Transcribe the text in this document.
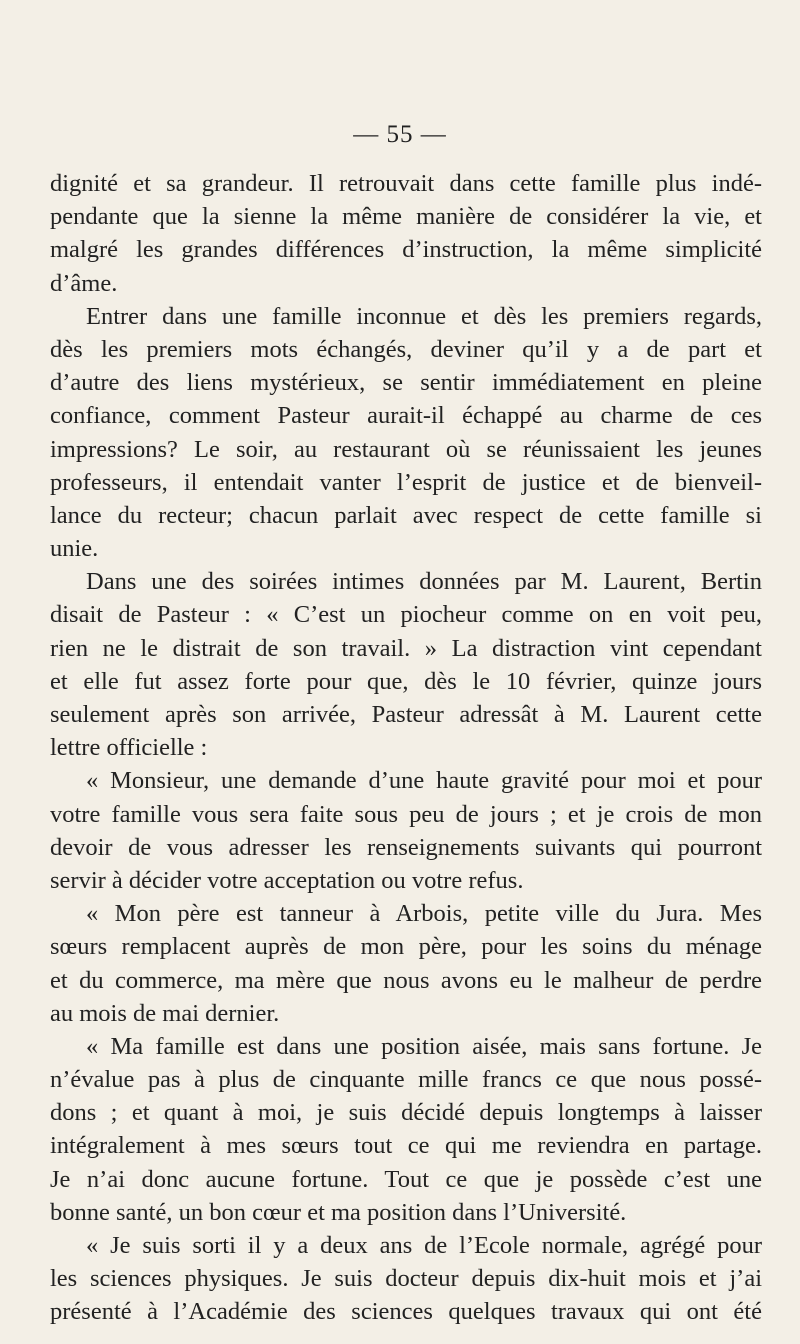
— 55 —
dignité et sa grandeur. Il retrouvait dans cette famille plus indé-
pendante que la sienne la même manière de considérer la vie, et
malgré les grandes différences d’instruction, la même simplicité
d’âme.
Entrer dans une famille inconnue et dès les premiers regards,
dès les premiers mots échangés, deviner qu’il y a de part et
d’autre des liens mystérieux, se sentir immédiatement en pleine
confiance, comment Pasteur aurait-il échappé au charme de ces
impressions? Le soir, au restaurant où se réunissaient les jeunes
professeurs, il entendait vanter l’esprit de justice et de bienveil-
lance du recteur; chacun parlait avec respect de cette famille si
unie.
Dans une des soirées intimes données par M. Laurent, Bertin
disait de Pasteur : « C’est un piocheur comme on en voit peu,
rien ne le distrait de son travail. » La distraction vint cependant
et elle fut assez forte pour que, dès le 10 février, quinze jours
seulement après son arrivée, Pasteur adressât à M. Laurent cette
lettre officielle :
« Monsieur, une demande d’une haute gravité pour moi et pour
votre famille vous sera faite sous peu de jours ; et je crois de mon
devoir de vous adresser les renseignements suivants qui pourront
servir à décider votre acceptation ou votre refus.
« Mon père est tanneur à Arbois, petite ville du Jura. Mes
sœurs remplacent auprès de mon père, pour les soins du ménage
et du commerce, ma mère que nous avons eu le malheur de perdre
au mois de mai dernier.
« Ma famille est dans une position aisée, mais sans fortune. Je
n’évalue pas à plus de cinquante mille francs ce que nous possé-
dons ; et quant à moi, je suis décidé depuis longtemps à laisser
intégralement à mes sœurs tout ce qui me reviendra en partage.
Je n’ai donc aucune fortune. Tout ce que je possède c’est une
bonne santé, un bon cœur et ma position dans l’Université.
« Je suis sorti il y a deux ans de l’Ecole normale, agrégé pour
les sciences physiques. Je suis docteur depuis dix-huit mois et j’ai
présenté à l’Académie des sciences quelques travaux qui ont été
